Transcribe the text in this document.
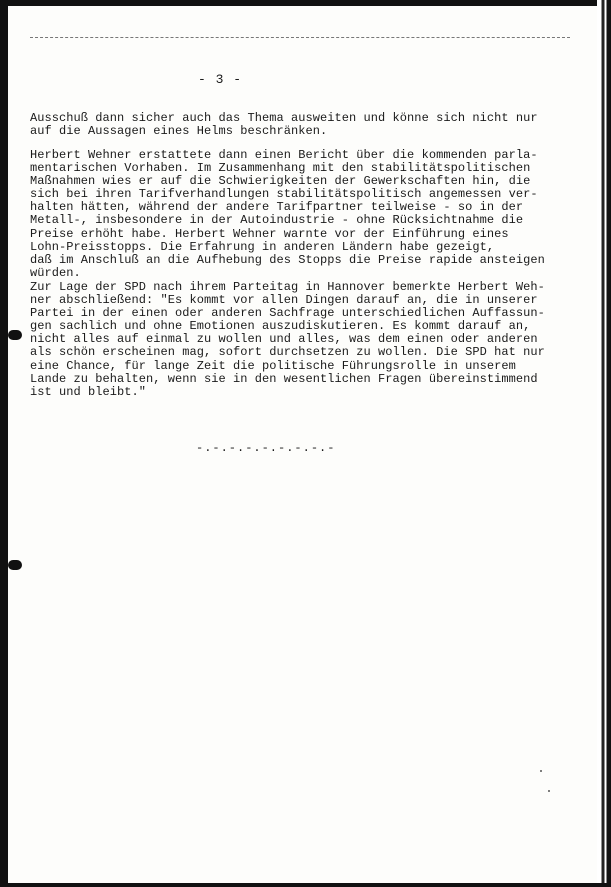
- 3 -
Ausschuß dann sicher auch das Thema ausweiten und könne sich nicht nur
auf die Aussagen eines Helms beschränken.
Herbert Wehner erstattete dann einen Bericht über die kommenden parla-
mentarischen Vorhaben. Im Zusammenhang mit den stabilitätspolitischen
Maßnahmen wies er auf die Schwierigkeiten der Gewerkschaften hin, die
sich bei ihren Tarifverhandlungen stabilitätspolitisch angemessen ver-
halten hätten, während der andere Tarifpartner teilweise - so in der
Metall-, insbesondere in der Autoindustrie - ohne Rücksichtnahme die
Preise erhöht habe. Herbert Wehner warnte vor der Einführung eines
Lohn-Preisstopps. Die Erfahrung in anderen Ländern habe gezeigt,
daß im Anschluß an die Aufhebung des Stopps die Preise rapide ansteigen
würden.
Zur Lage der SPD nach ihrem Parteitag in Hannover bemerkte Herbert Weh-
ner abschließend: "Es kommt vor allen Dingen darauf an, die in unserer
Partei in der einen oder anderen Sachfrage unterschiedlichen Auffassun-
gen sachlich und ohne Emotionen auszudiskutieren. Es kommt darauf an,
nicht alles auf einmal zu wollen und alles, was dem einen oder anderen
als schön erscheinen mag, sofort durchsetzen zu wollen. Die SPD hat nur
eine Chance, für lange Zeit die politische Führungsrolle in unserem
Lande zu behalten, wenn sie in den wesentlichen Fragen übereinstimmend
ist und bleibt."
-.-.-.-.-.-.-.-.-
